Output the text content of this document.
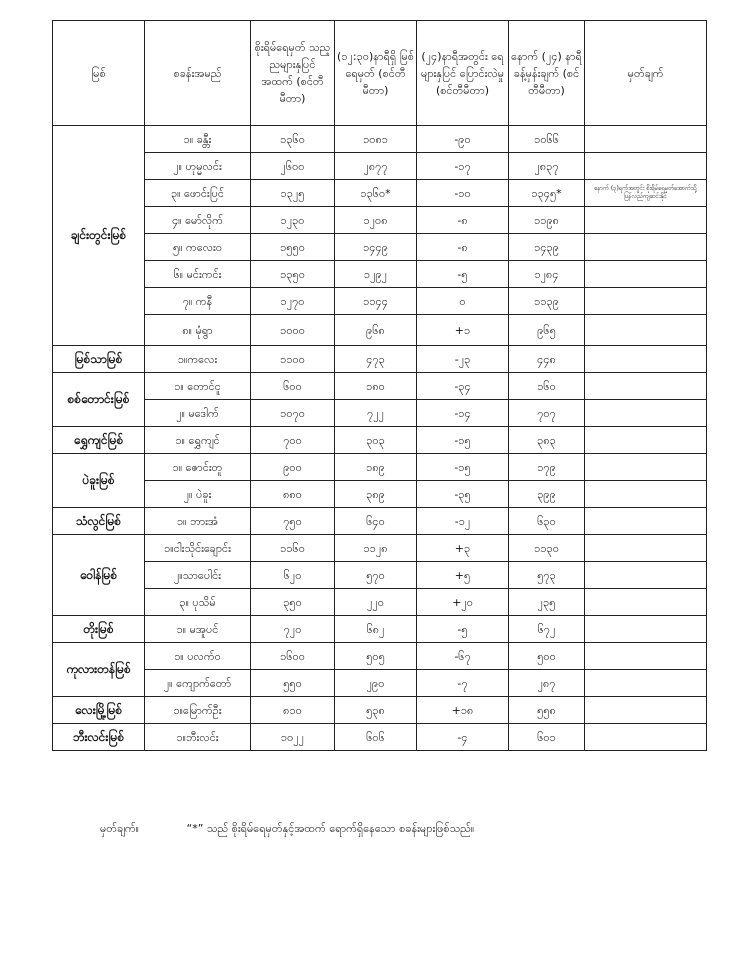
မြစ်	စခန်းအမည်	စိုးရိမ်ရေမှတ် သည့ညများနှပြင် အထက် (စင်တီမီတာ)	(၁၂:၃၀)နာရီရှိ မြစ်ရေမှတ် (စင်တီမီတာ)	(၂၄)နာရီအတွင်း ရေများနှပြင် ပြောင်းလဲမှု (စင်တီမီတာ)	နောက် (၂၄) နာရီ ခန့်မှန်းချက် (စင်တီမီတာ)	မှတ်ချက်
ချင်းတွင်းမြစ်	၁။ ခန္တီး	၁၃၆၀	၁၀၈၁	-၉၀	၁၀၆၆	
	၂။ ဟုမ္မလင်း	၂၆၀၀	၂၈၇၇	-၁၇	၂၈၃၇	
	၃။ ဖောင်းပြင်	၁၃၂၅	၁၃၆၀*	-၁၀	၁၃၄၅*	နောက် (၃)ရက်အတွင်း စိုးရိမ်ရေမှတ်အောက်သို့ ပြန်လည်ကျဆင်းနိုင်
	၄။ မော်လိုက်	၁၂၃၀	၁၂၀၈	-၈	၁၁၉၈	
	၅။ ကလေးဝ	၁၅၅၀	၁၄၄၉	-၈	၁၄၃၉	
	၆။ မင်းကင်း	၁၃၅၀	၁၂၉၂	-၅	၁၂၈၄	
	၇။ ကနီ	၁၂၇၀	၁၁၄၄	၀	၁၁၃၉	
	၈။ မုံရွာ	၁၀၀၀	၉၆၈	+၁	၉၆၅	
မြစ်သာမြစ်	၁။ကလေး	၁၁၀၀	၄၇၃	-၂၃	၄၄၈	
စစ်တောင်းမြစ်	၁။ တောင်ငူ	၆၀၀	၁၈၀	-၃၄	၁၆၀	
	၂။ မဒေါက်	၁၀၇၀	၇၂၂	-၁၄	၇၀၇	
ရွှေကျင်မြစ်	၁။ ရွှေကျင်	၇၀၀	၃၀၃	-၁၅	၃၈၃	
ပဲခူးမြစ်	၁။ ဇောင်းတူ	၉၀၀	၁၈၉	-၁၅	၁၇၉	
	၂။ ပဲခူး	၈၈၀	၃၈၉	-၃၅	၃၉၉	
သံလွင်မြစ်	၁။ ဘားအံ	၇၅၀	၆၄၀	-၁၂	၆၃၀	
ဝေါန်မြစ်	၁။ငါးသိုင်းချောင်း	၁၁၆၀	၁၁၂၈	+၃	၁၁၃၀	
	၂။သာပေါင်း	၆၂၀	၅၇၀	+၅	၅၇၃	
	၃။ ပုသိမ်	၃၅၀	၂၂၀	+၂၀	၂၃၅	
တိုးမြစ်	၁။ မအူပင်	၇၂၀	၆၈၂	-၅	၆၇၂	
ကုလားတန်မြစ်	၁။ ပလက်ဝ	၁၆၀၀	၅၀၅	-၆၇	၅၀၀	
	၂။ ကျောက်တော်	၅၅၀	၂၉၀	-၇	၂၈၇	
လေးမြို့မြစ်	၁။မြောက်ဦး	၈၁၀	၅၃၈	+၁၈	၅၅၈	
ဘီးလင်းမြစ်	၁။ဘီးလင်း	၁၀၂၂	၆၀၆	-၄	၆၀၁	
မှတ်ချက်။	“*” သည် စိုးရိမ်ရေမှတ်နှင့်အထက် ရောက်ရှိနေသော စခန်းများဖြစ်သည်။
